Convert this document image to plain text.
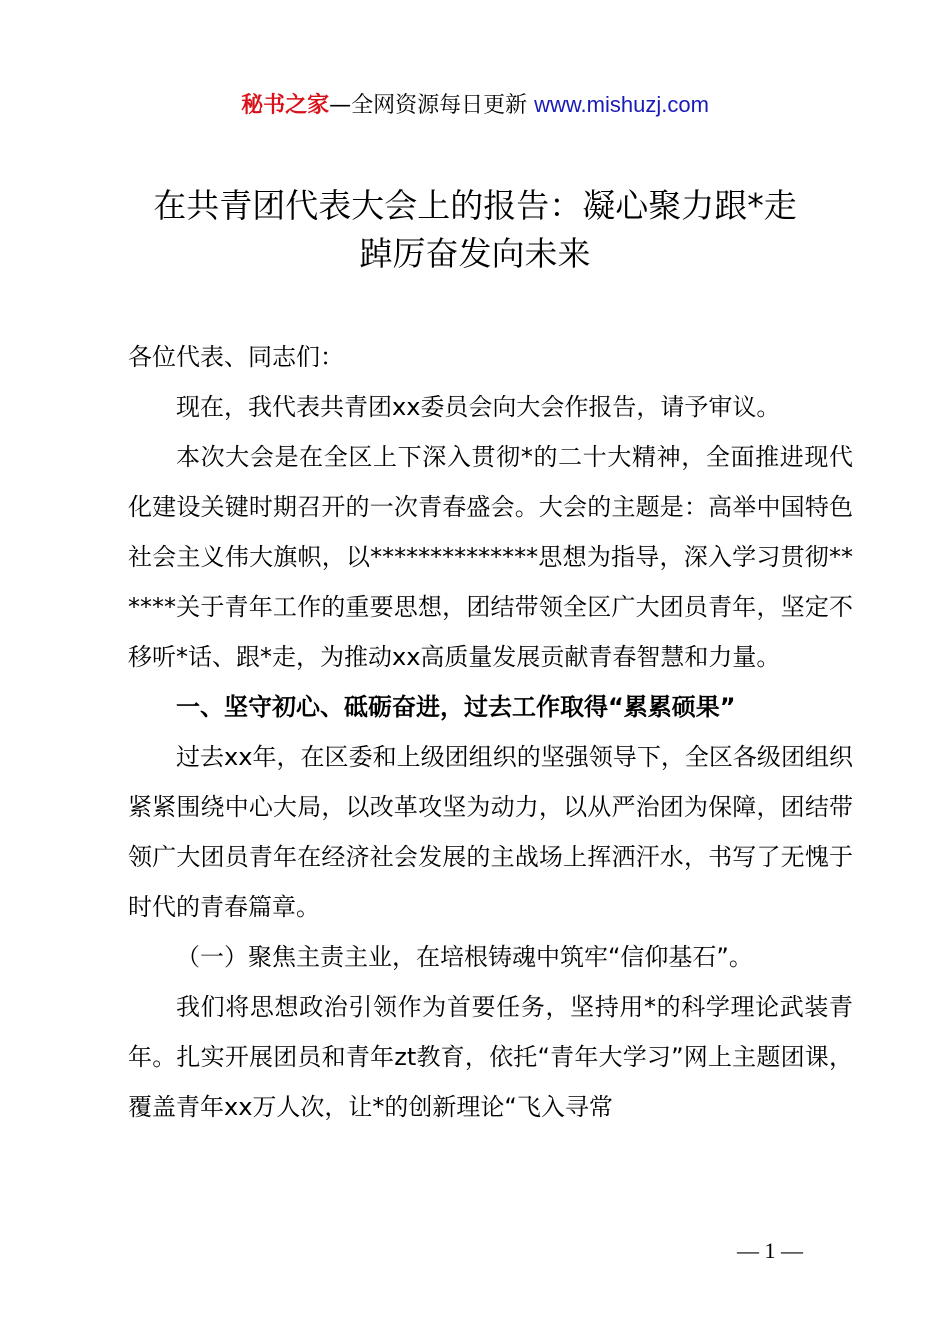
秘书之家—全网资源每日更新 www.mishuzj.com
在共青团代表大会上的报告：凝心聚力跟*走
踔厉奋发向未来

各位代表、同志们：

现在，我代表共青团xx委员会向大会作报告，请予审议。

本次大会是在全区上下深入贯彻*的二十大精神，全面推进现代化建设关键时期召开的一次青春盛会。大会的主题是：高举中国特色社会主义伟大旗帜，以**************思想为指导，深入学习贯彻******关于青年工作的重要思想，团结带领全区广大团员青年，坚定不移听*话、跟*走，为推动xx高质量发展贡献青春智慧和力量。

一、坚守初心、砥砺奋进，过去工作取得“累累硕果”

过去xx年，在区委和上级团组织的坚强领导下，全区各级团组织紧紧围绕中心大局，以改革攻坚为动力，以从严治团为保障，团结带领广大团员青年在经济社会发展的主战场上挥洒汗水，书写了无愧于时代的青春篇章。

（一）聚焦主责主业，在培根铸魂中筑牢“信仰基石”。

我们将思想政治引领作为首要任务，坚持用*的科学理论武装青年。扎实开展团员和青年zt教育，依托“青年大学习”网上主题团课，覆盖青年xx万人次，让*的创新理论“飞入寻常

— 1 —
